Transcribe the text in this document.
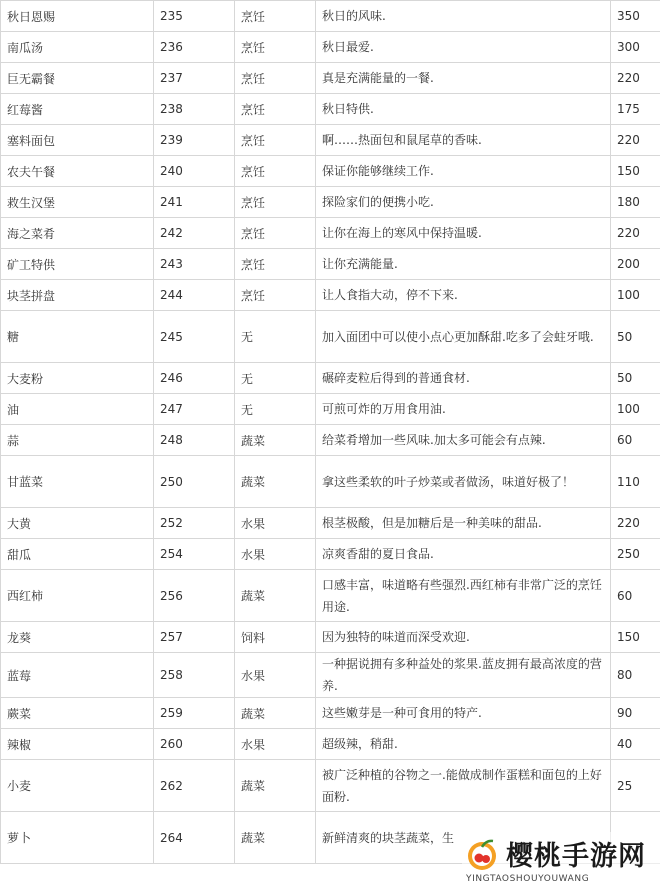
秋日恩赐	235	烹饪	秋日的风味.	350
南瓜汤	236	烹饪	秋日最爱.	300
巨无霸餐	237	烹饪	真是充满能量的一餐.	220
红莓酱	238	烹饪	秋日特供.	175
塞料面包	239	烹饪	啊……热面包和鼠尾草的香味.	220
农夫午餐	240	烹饪	保证你能够继续工作.	150
救生汉堡	241	烹饪	探险家们的便携小吃.	180
海之菜肴	242	烹饪	让你在海上的寒风中保持温暖.	220
矿工特供	243	烹饪	让你充满能量.	200
块茎拼盘	244	烹饪	让人食指大动，停不下来.	100
糖	245	无	加入面团中可以使小点心更加酥甜.吃多了会蛀牙哦.	50
大麦粉	246	无	碾碎麦粒后得到的普通食材.	50
油	247	无	可煎可炸的万用食用油.	100
蒜	248	蔬菜	给菜肴增加一些风味.加太多可能会有点辣.	60
甘蓝菜	250	蔬菜	拿这些柔软的叶子炒菜或者做汤，味道好极了！	110
大黄	252	水果	根茎极酸，但是加糖后是一种美味的甜品.	220
甜瓜	254	水果	凉爽香甜的夏日食品.	250
西红柿	256	蔬菜	口感丰富，味道略有些强烈.西红柿有非常广泛的烹饪用途.	60
龙葵	257	饲料	因为独特的味道而深受欢迎.	150
蓝莓	258	水果	一种据说拥有多种益处的浆果.蓝皮拥有最高浓度的营养.	80
蕨菜	259	蔬菜	这些嫩芽是一种可食用的特产.	90
辣椒	260	水果	超级辣，稍甜.	40
小麦	262	蔬菜	被广泛种植的谷物之一.能做成制作蛋糕和面包的上好面粉.	25
萝卜	264	蔬菜	新鲜清爽的块茎蔬菜，生	
樱桃手游网
YINGTAOSHOUYOUWANG
